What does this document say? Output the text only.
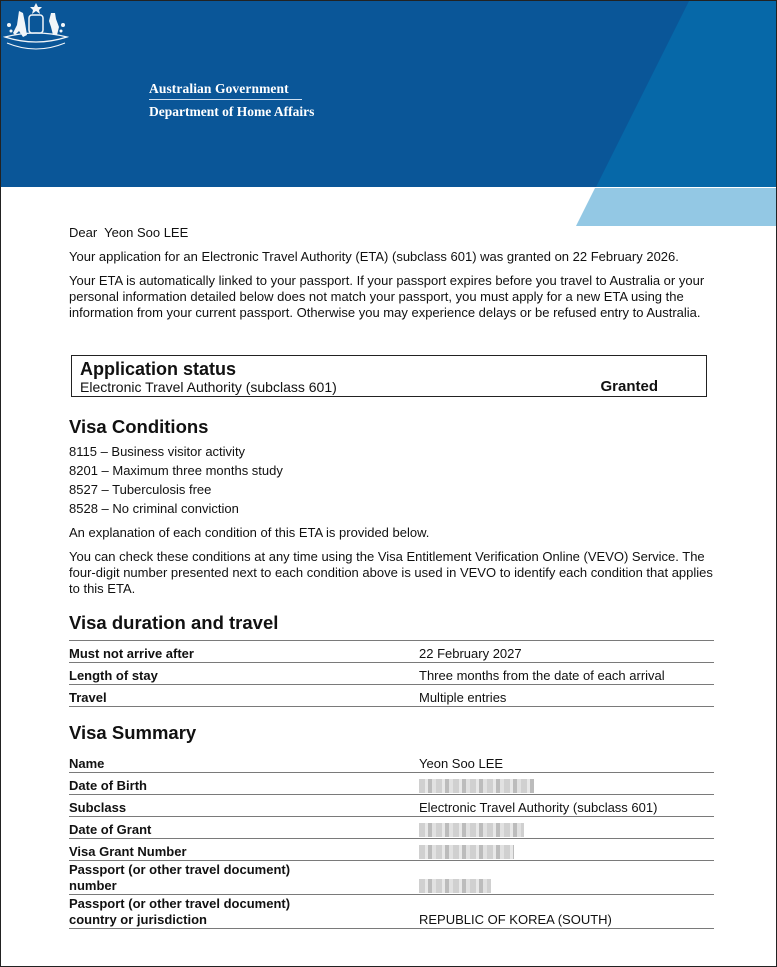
Australian Government
Department of Home Affairs

Dear  Yeon Soo LEE

Your application for an Electronic Travel Authority (ETA) (subclass 601) was granted on 22 February 2026.

Your ETA is automatically linked to your passport. If your passport expires before you travel to Australia or your personal information detailed below does not match your passport, you must apply for a new ETA using the information from your current passport. Otherwise you may experience delays or be refused entry to Australia.

Application status
Electronic Travel Authority (subclass 601)	Granted
Visa Conditions
8115 – Business visitor activity
8201 – Maximum three months study
8527 – Tuberculosis free
8528 – No criminal conviction

An explanation of each condition of this ETA is provided below.

You can check these conditions at any time using the Visa Entitlement Verification Online (VEVO) Service. The four-digit number presented next to each condition above is used in VEVO to identify each condition that applies to this ETA.

Visa duration and travel
Must not arrive after	22 February 2027
Length of stay	Three months from the date of each arrival
Travel	Multiple entries
Visa Summary
Name	Yeon Soo LEE
Date of Birth	
Subclass	Electronic Travel Authority (subclass 601)
Date of Grant	
Visa Grant Number	

Passport (or other travel document)
number	

Passport (or other travel document)
country or jurisdiction	REPUBLIC OF KOREA (SOUTH)
